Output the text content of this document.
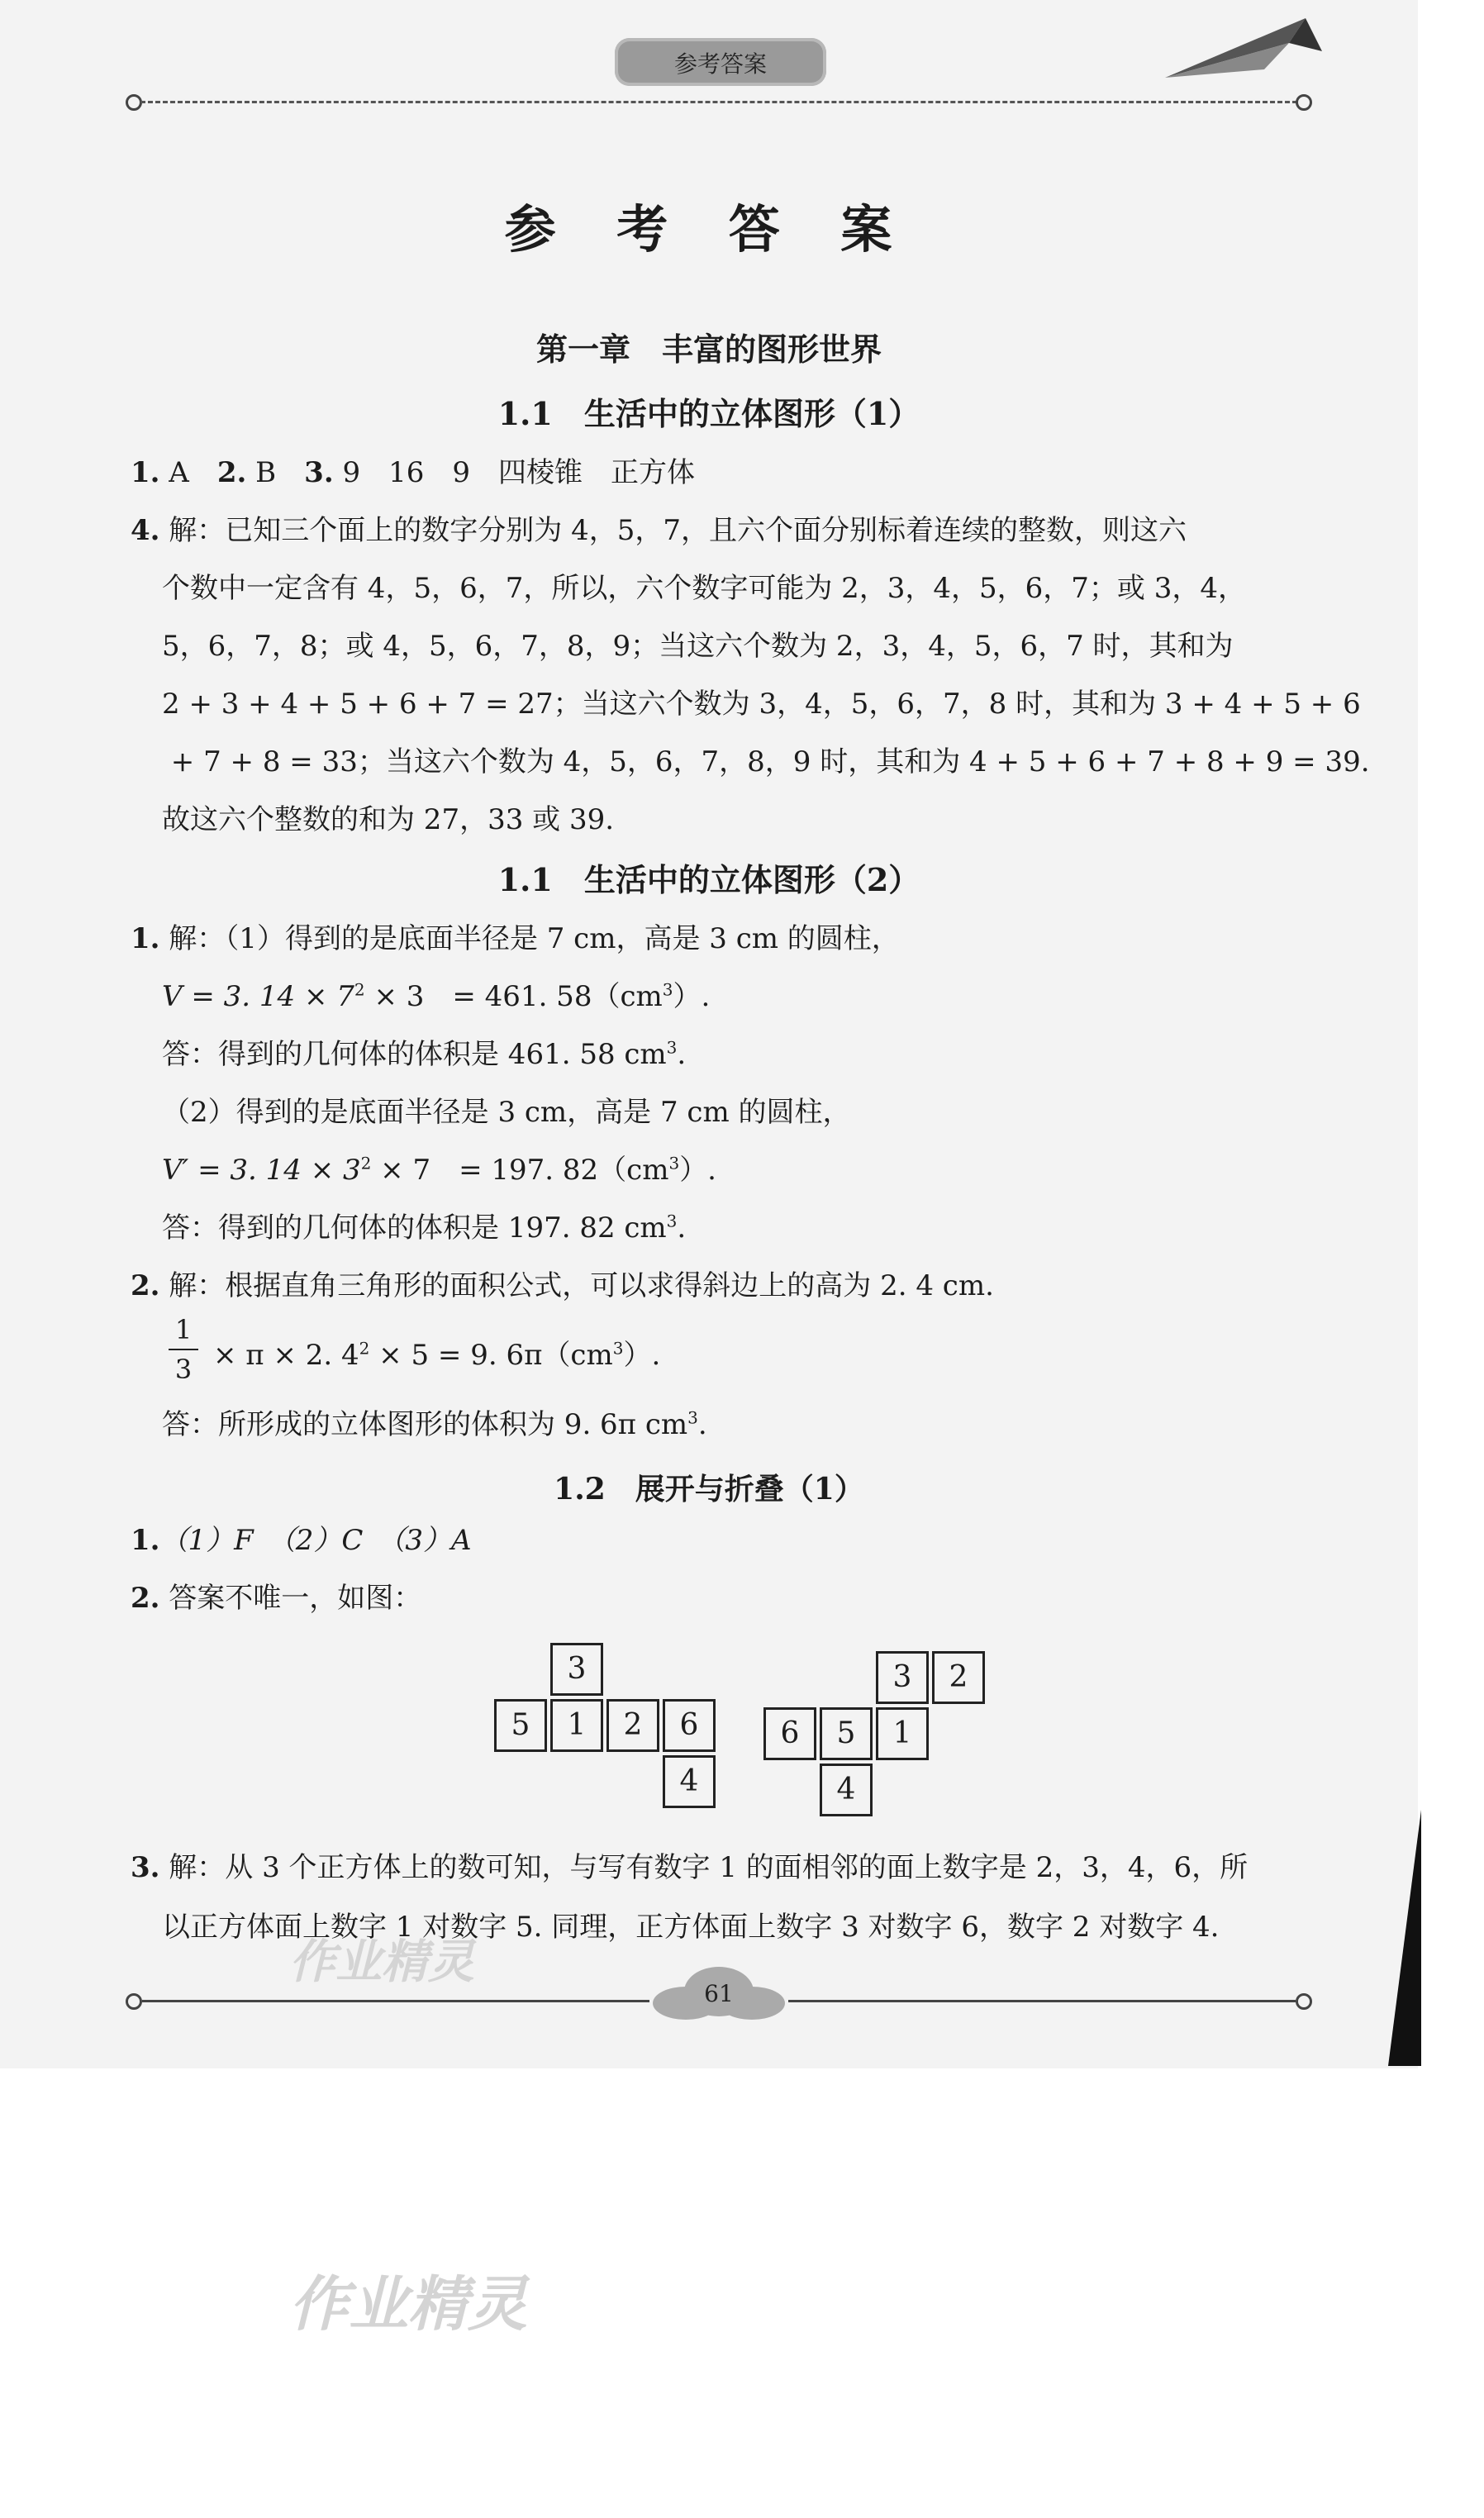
参考答案
参 考 答 案
第一章　丰富的图形世界
1.1　生活中的立体图形（1）
1. A　2. B　3. 9　16　9　四棱锥　正方体
4. 解：已知三个面上的数字分别为 4，5，7，且六个面分别标着连续的整数，则这六
个数中一定含有 4，5，6，7，所以，六个数字可能为 2，3，4，5，6，7；或 3，4，
5，6，7，8；或 4，5，6，7，8，9；当这六个数为 2，3，4，5，6，7 时，其和为
2 + 3 + 4 + 5 + 6 + 7 = 27；当这六个数为 3，4，5，6，7，8 时，其和为 3 + 4 + 5 + 6
+ 7 + 8 = 33；当这六个数为 4，5，6，7，8，9 时，其和为 4 + 5 + 6 + 7 + 8 + 9 = 39.
故这六个整数的和为 27，33 或 39.
1.1　生活中的立体图形（2）
1. 解：（1）得到的是底面半径是 7 cm，高是 3 cm 的圆柱，
V = 3. $14 \times 7^2 \times 3$　= 461. $58(cm^3)$.
答：得到的几何体的体积是 461. 58 $cm^3$.
（2）得到的是底面半径是 3 cm，高是 7 cm 的圆柱，
V′ = 3. $14 \times 3^2 \times 7$　= 197. $82(cm^3)$.
答：得到的几何体的体积是 197. 82 $cm^3$.
2. 解：根据直角三角形的面积公式，可以求得斜边上的高为 2. 4 cm.
1
3 × π × 2. $4^2 \times 5 = 9$. $6\pi(cm^3)$.
答：所形成的立体图形的体积为 9. 6π $cm^3$.
1.2　展开与折叠（1）
1.（1）F　（2）C　（3）A
2. 答案不唯一，如图：
3
5	1	2	6
4
3	2
6	5	1
4
3. 解：从 3 个正方体上的数可知，与写有数字 1 的面相邻的面上数字是 2，3，4，6，所
以正方体面上数字 1 对数字 5. 同理，正方体面上数字 3 对数字 6，数字 2 对数字 4.
作业精灵
61
作业精灵
